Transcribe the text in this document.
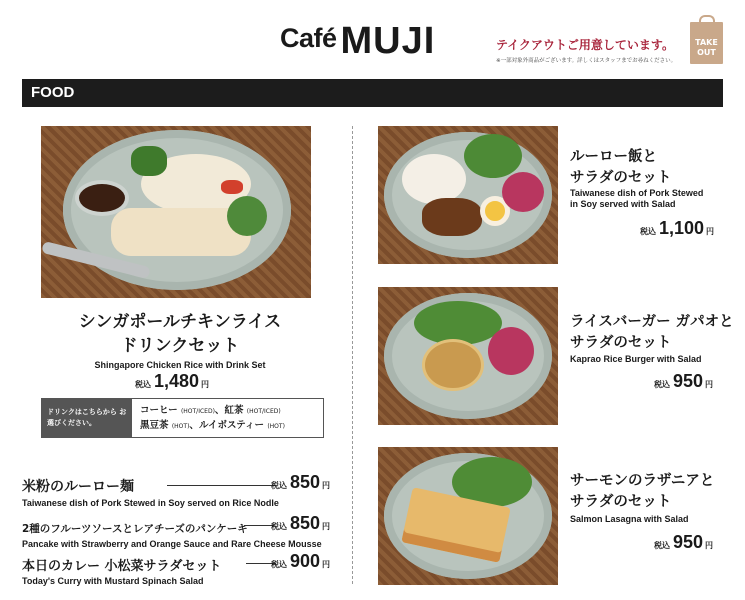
Café MUJI	テイクアウトご用意しています。
※一部対象外商品がございます。詳しくはスタッフまでお尋ねください。
TAKE OUT
FOOD
シンガポールチキンライス
ドリンクセット
Shingapore Chicken Rice with Drink Set
税込 1,480 円
ドリンクはこちらから お選びください。
コーヒー (HOT/ICED)、紅茶 (HOT/ICED)
黒豆茶 (HOT)、ルイボスティー (HOT)
米粉のルーロー麺	税込 850 円
Taiwanese dish of Pork Stewed in Soy served on Rice Nodle
2種のフルーツソースとレアチーズのパンケーキ	税込 850 円
Pancake with Strawberry and Orange Sauce and Rare Cheese Mousse
本日のカレー 小松菜サラダセット	税込 900 円
Today's Curry with Mustard Spinach Salad
ルーロー飯と
サラダのセット
Taiwanese dish of Pork Stewed
in Soy served with Salad
税込 1,100 円
ライスバーガー ガパオと
サラダのセット
Kaprao Rice Burger with Salad
税込 950 円
サーモンのラザニアと
サラダのセット
Salmon Lasagna with Salad
税込 950 円
